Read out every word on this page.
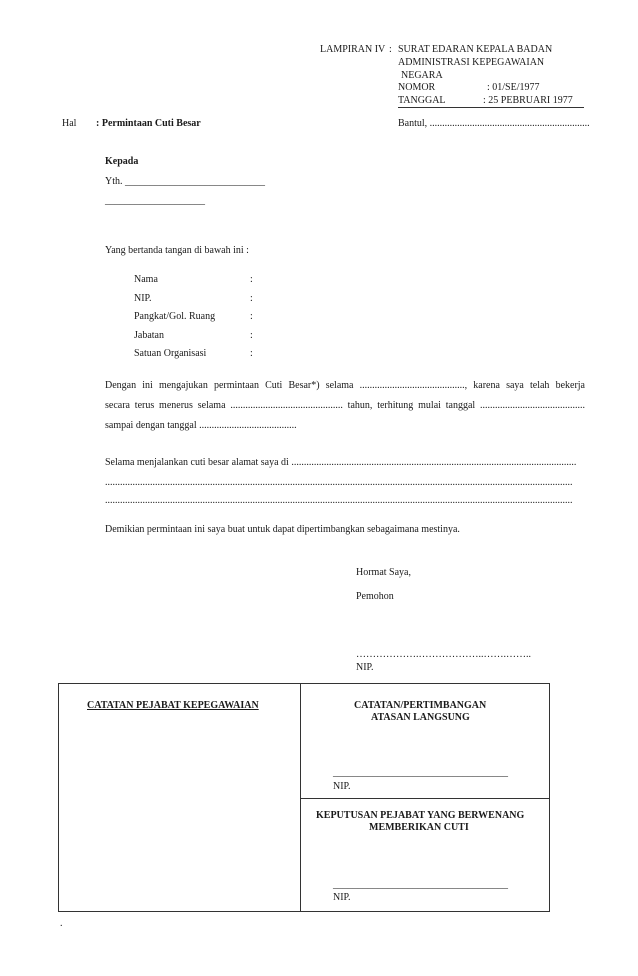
LAMPIRAN IV : SURAT EDARAN KEPALA BADAN
ADMINISTRASI KEPEGAWAIAN
NEGARA
NOMOR	: 01/SE/1977
TANGGAL	: 25 PEBRUARI 1977
Hal : Permintaan Cuti Besar	Bantul, ................................................................
Kepada
Yth. ____________________________
____________________
Yang bertanda tangan di bawah ini :
Nama	:
NIP.	:
Pangkat/Gol. Ruang	:
Jabatan	:
Satuan Organisasi	:
Dengan ini mengajukan permintaan Cuti Besar*) selama .........................................., karena saya telah bekerja
secara terus menerus selama ............................................. tahun, terhitung mulai tanggal ..........................................
sampai dengan tanggal .......................................
Selama menjalankan cuti besar alamat saya di ..................................................................................................................
...........................................................................................................................................................................................
...........................................................................................................................................................................................
Demikian permintaan ini saya buat untuk dapat dipertimbangkan sebagaimana mestinya.
Hormat Saya,
Pemohon
……………….………………..…….……..
NIP.
CATATAN PEJABAT KEPEGAWAIAN	CATATAN/PERTIMBANGAN
ATASAN LANGSUNG
___________________________________
NIP.
KEPUTUSAN PEJABAT YANG BERWENANG
MEMBERIKAN CUTI
___________________________________
NIP.
.
